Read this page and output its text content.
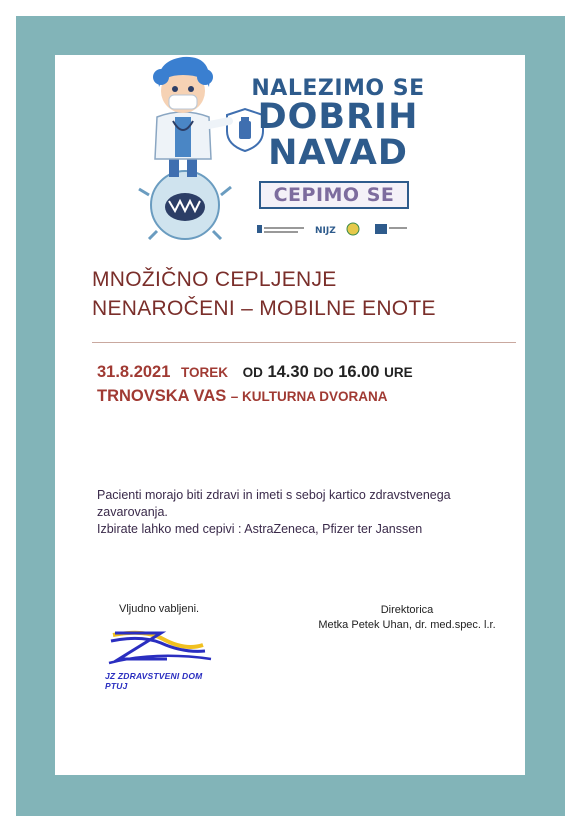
NALEZIMO SE
DOBRIH
NAVAD
CEPIMO SE
NIJZ
MNOŽIČNO CEPLJENJE
NENAROČENI – MOBILNE ENOTE
31.8.2021 TOREK OD 14.30 DO 16.00 URE
TRNOVSKA VAS – KULTURNA DVORANA

Pacienti morajo biti zdravi in imeti s seboj kartico zdravstvenega zavarovanja.

Izbirate lahko med cepivi : AstraZeneca, Pfizer ter Janssen

Vljudno vabljeni.	Direktorica
Metka Petek Uhan, dr. med.spec. l.r.
JZ ZDRAVSTVENI DOM PTUJ
